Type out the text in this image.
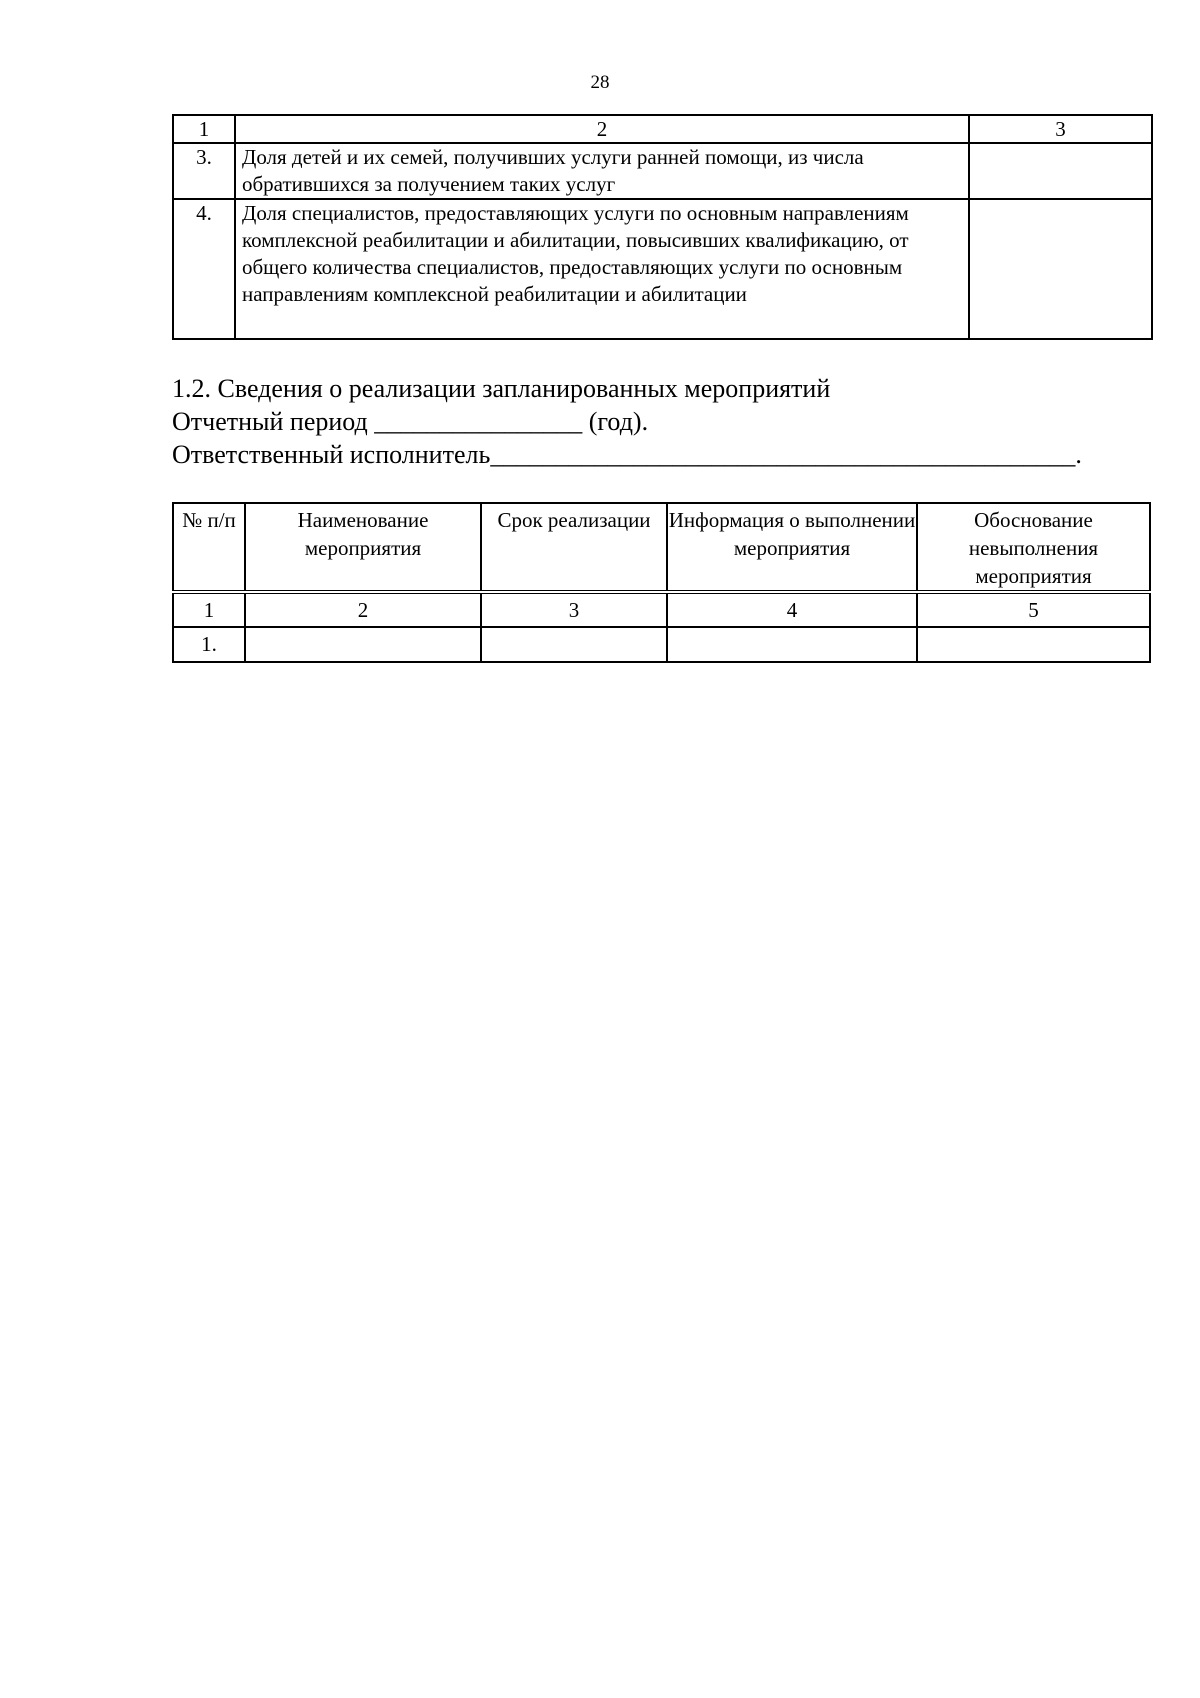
28
1	2	3
3.	Доля детей и их семей, получивших услуги ранней помощи, из числа обратившихся за получением таких услуг	
4.	Доля специалистов, предоставляющих услуги по основным направлениям комплексной реабилитации и абилитации, повысивших квалификацию, от общего количества специалистов, предоставляющих услуги по основным направлениям комплексной реабилитации и абилитации	
1.2. Сведения о реализации запланированных мероприятий
Отчетный период ________________ (год).
Ответственный исполнитель_____________________________________________.
№ п/п	Наименование мероприятия	Срок реализации	Информация о выполнении мероприятия	Обоснование невыполнения мероприятия
1	2	3	4	5
1.				
